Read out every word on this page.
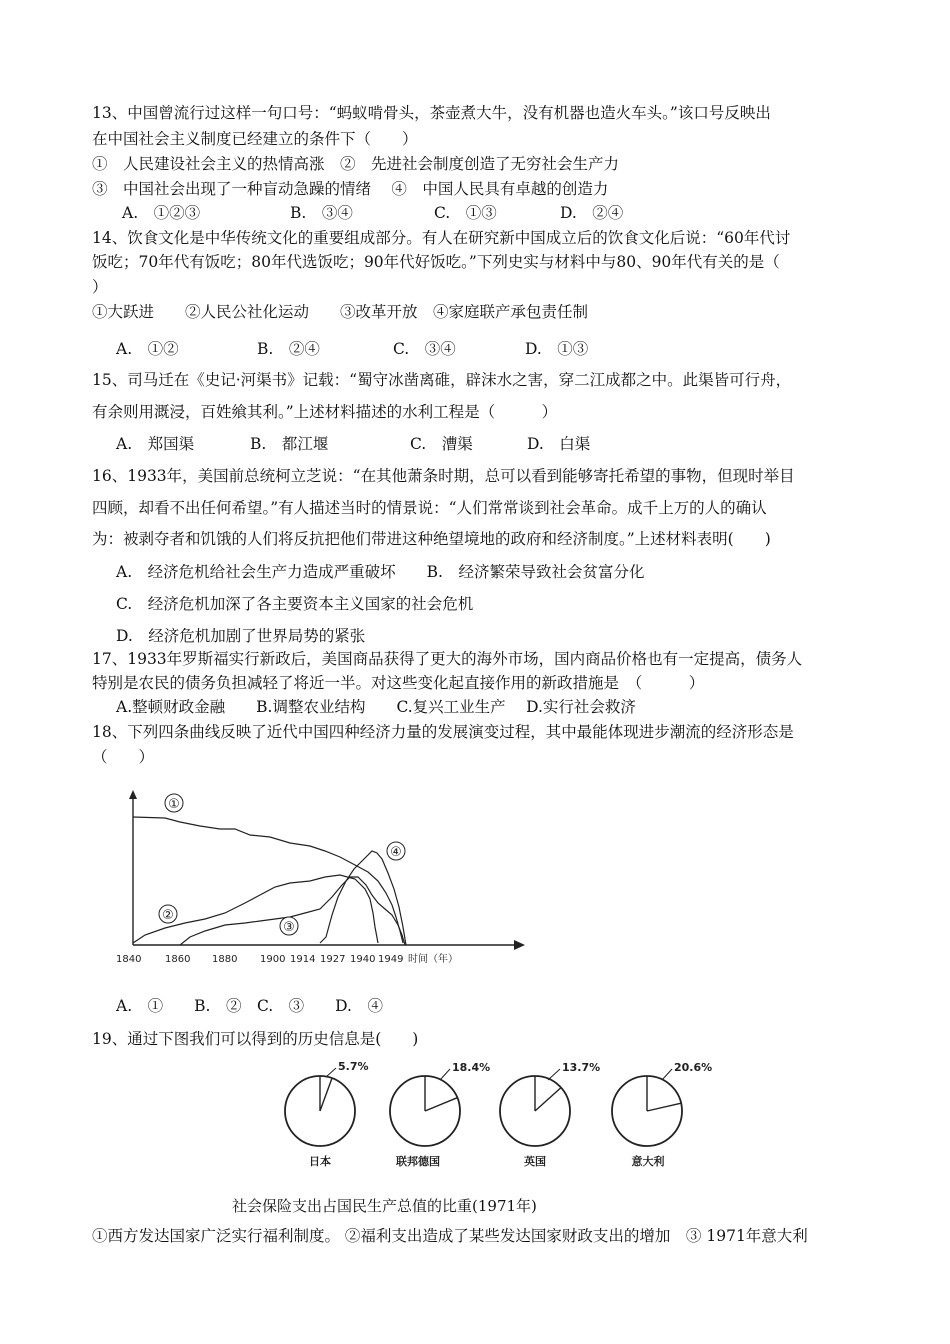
13、中国曾流行过这样一句口号：“蚂蚁啃骨头，茶壶煮大牛，没有机器也造火车头。”该口号反映出
在中国社会主义制度已经建立的条件下（　　）
①　人民建设社会主义的热情高涨　②　先进社会制度创造了无穷社会生产力
③　中国社会出现了一种盲动急躁的情绪　 ④　中国人民具有卓越的创造力
A.　①②③	B.　③④	C.　①③	D.　②④
14、饮食文化是中华传统文化的重要组成部分。有人在研究新中国成立后的饮食文化后说：“60年代讨
饭吃；70年代有饭吃；80年代选饭吃；90年代好饭吃。”下列史实与材料中与80、90年代有关的是（
）
①大跃进　　②人民公社化运动　　③改革开放　④家庭联产承包责任制
A.　①②	B.　②④	C.　③④	D.　①③
15、司马迁在《史记·河渠书》记载：“蜀守冰凿离碓，辟沫水之害，穿二江成都之中。此渠皆可行舟，
有余则用溉浸，百姓飨其利。”上述材料描述的水利工程是（　　　）
A.　郑国渠	B.　都江堰	C.　漕渠	D.　白渠
16、1933年，美国前总统柯立芝说：“在其他萧条时期，总可以看到能够寄托希望的事物，但现时举目
四顾，却看不出任何希望。”有人描述当时的情景说：“人们常常谈到社会革命。成千上万的人的确认
为：被剥夺者和饥饿的人们将反抗把他们带进这种绝望境地的政府和经济制度。”上述材料表明(　　)
A.　经济危机给社会生产力造成严重破坏　　B.　经济繁荣导致社会贫富分化
C.　经济危机加深了各主要资本主义国家的社会危机
D.　经济危机加剧了世界局势的紧张
17、1933年罗斯福实行新政后，美国商品获得了更大的海外市场，国内商品价格也有一定提高，债务人
特别是农民的债务负担减轻了将近一半。对这些变化起直接作用的新政措施是　（　　　）
A.整顿财政金融　　B.调整农业结构　　C.复兴工业生产　 D.实行社会救济
18、下列四条曲线反映了近代中国四种经济力量的发展演变过程，其中最能体现进步潮流的经济形态是
（　　）
①
②
③
④
1840 1860 1880 1900 1914 1927 1940 1949 时间（年）
A.　①　　B.　②　C.　③　　D.　④
19、通过下图我们可以得到的历史信息是(　　)
5.7%
日本
18.4%
联邦德国
13.7%
英国
20.6%
意大利
社会保险支出占国民生产总值的比重(1971年)
①西方发达国家广泛实行福利制度。 ②福利支出造成了某些发达国家财政支出的增加　③ 1971年意大利
